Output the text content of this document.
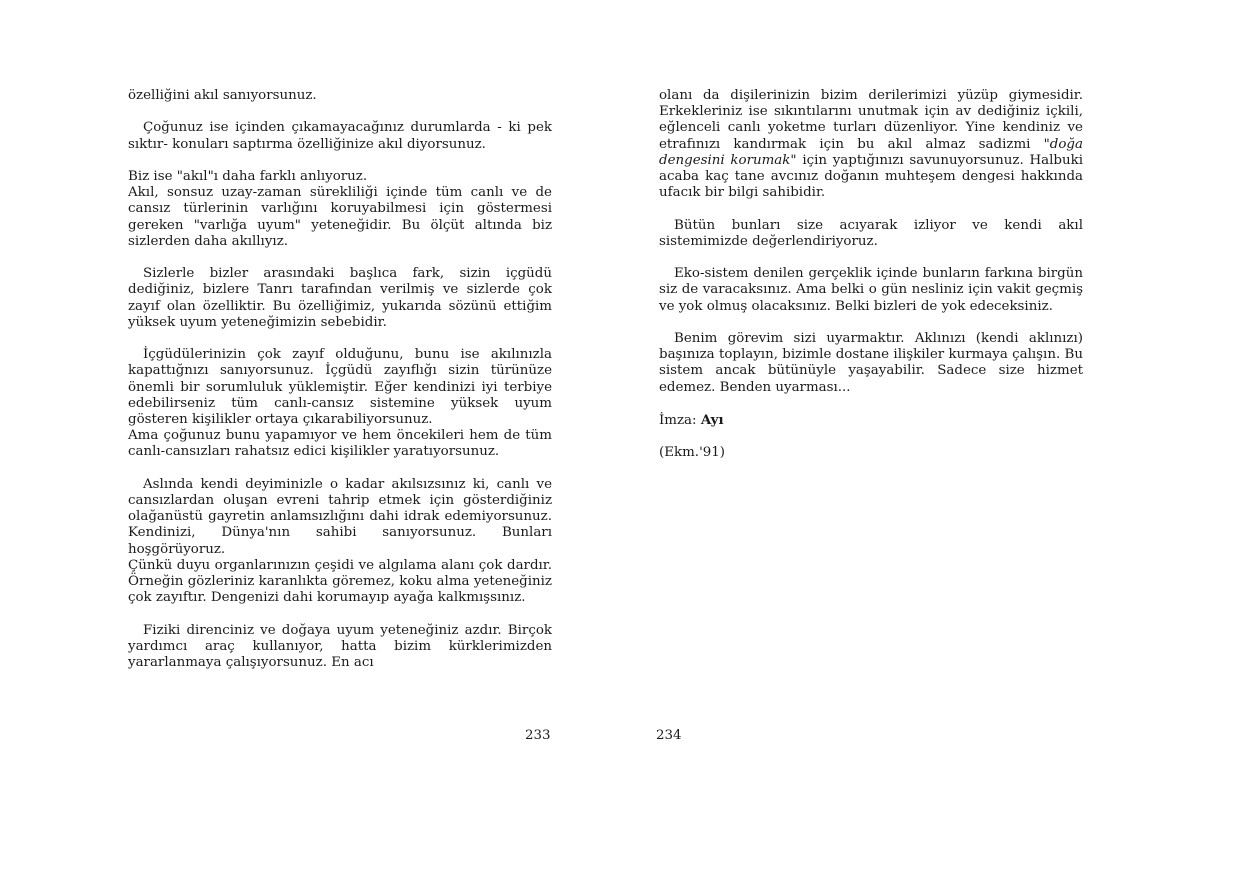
özelliğini akıl sanıyorsunuz.

Çoğunuz ise içinden çıkamayacağınız durumlarda - ki pek sıktır- konuları saptırma özelliğinize akıl diyorsunuz.

Biz ise "akıl"ı daha farklı anlıyoruz.

Akıl, sonsuz uzay-zaman sürekliliği içinde tüm canlı ve de cansız türlerinin varlığını koruyabilmesi için göstermesi gereken "varlığa uyum" yeteneğidir. Bu ölçüt altında biz sizlerden daha akıllıyız.

Sizlerle bizler arasındaki başlıca fark, sizin içgüdü dediğiniz, bizlere Tanrı tarafından verilmiş ve sizlerde çok zayıf olan özelliktir. Bu özelliğimiz, yukarıda sözünü ettiğim yüksek uyum yeteneğimizin sebebidir.

İçgüdülerinizin çok zayıf olduğunu, bunu ise akılınızla kapattığnızı sanıyorsunuz. İçgüdü zayıflığı sizin türünüze önemli bir sorumluluk yüklemiştir. Eğer kendinizi iyi terbiye edebilirseniz tüm canlı-cansız sistemine yüksek uyum gösteren kişilikler ortaya çıkarabiliyorsunuz.

Ama çoğunuz bunu yapamıyor ve hem öncekileri hem de tüm canlı-cansızları rahatsız edici kişilikler yaratıyorsunuz.

Aslında kendi deyiminizle o kadar akılsızsınız ki, canlı ve cansızlardan oluşan evreni tahrip etmek için gösterdiğiniz olağanüstü gayretin anlamsızlığını dahi idrak edemiyorsunuz. Kendinizi, Dünya'nın sahibi sanıyorsunuz. Bunları hoşgörüyoruz.

Çünkü duyu organlarınızın çeşidi ve algılama alanı çok dardır. Örneğin gözleriniz karanlıkta göremez, koku alma yeteneğiniz çok zayıftır. Dengenizi dahi korumayıp ayağa kalkmışsınız.

Fiziki direnciniz ve doğaya uyum yeteneğiniz azdır. Birçok yardımcı araç kullanıyor, hatta bizim kürklerimizden yararlanmaya çalışıyorsunuz. En acı

233

olanı da dişilerinizin bizim derilerimizi yüzüp giymesidir. Erkekleriniz ise sıkıntılarını unutmak için av dediğiniz içkili, eğlenceli canlı yoketme turları düzenliyor. Yine kendiniz ve etrafınızı kandırmak için bu akıl almaz sadizmi "doğa dengesini korumak" için yaptığınızı savunuyorsunuz. Halbuki acaba kaç tane avcınız doğanın muhteşem dengesi hakkında ufacık bir bilgi sahibidir.

Bütün bunları size acıyarak izliyor ve kendi akıl sistemimizde değerlendiriyoruz.

Eko-sistem denilen gerçeklik içinde bunların farkına birgün siz de varacaksınız. Ama belki o gün nesliniz için vakit geçmiş ve yok olmuş olacaksınız. Belki bizleri de yok edeceksiniz.

Benim görevim sizi uyarmaktır. Aklınızı (kendi aklınızı) başınıza toplayın, bizimle dostane ilişkiler kurmaya çalışın. Bu sistem ancak bütünüyle yaşayabilir. Sadece size hizmet edemez. Benden uyarması...

İmza: Ayı

(Ekm.'91)

234
